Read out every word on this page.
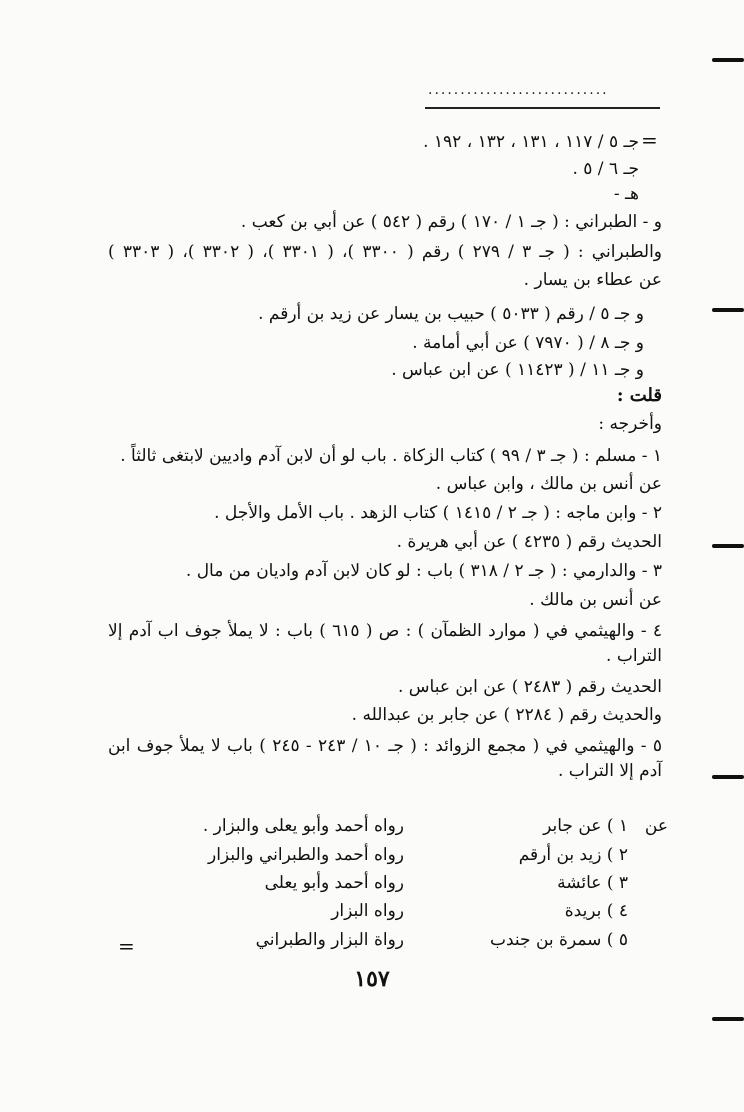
............................
=
جـ ٥ / ١١٧ ، ١٣١ ، ١٣٢ ، ١٩٢ .
جـ ٦ / ٥ .
هـ -
و - الطبراني : ( جـ ١ / ١٧٠ ) رقم ( ٥٤٢ ) عن أبي بن كعب .
والطبراني : ( جـ ٣ / ٢٧٩ ) رقم ( ٣٣٠٠ )، ( ٣٣٠١ )، ( ٣٣٠٢ )، ( ٣٣٠٣ )
عن عطاء بن يسار .
و جـ ٥ / رقم ( ٥٠٣٣ ) حبيب بن يسار عن زيد بن أرقم .
و جـ ٨ / ( ٧٩٧٠ ) عن أبي أمامة .
و جـ ١١ / ( ١١٤٢٣ ) عن ابن عباس .
قلت :
وأخرجه :
١ - مسلم : ( جـ ٣ / ٩٩ ) كتاب الزكاة . باب لو أن لابن آدم واديين لابتغى ثالثاً .
عن أنس بن مالك ، وابن عباس .
٢ - وابن ماجه : ( جـ ٢ / ١٤١٥ ) كتاب الزهد . باب الأمل والأجل .
الحديث رقم ( ٤٢٣٥ ) عن أبي هريرة .
٣ - والدارمي : ( جـ ٢ / ٣١٨ ) باب : لو كان لابن آدم واديان من مال .
عن أنس بن مالك .
٤ - والهيثمي في ( موارد الظمآن ) : ص ( ٦١٥ ) باب : لا يملأ جوف اب آدم إلا
التراب .
الحديث رقم ( ٢٤٨٣ ) عن ابن عباس .
والحديث رقم ( ٢٢٨٤ ) عن جابر بن عبدالله .
٥ - والهيثمي في ( مجمع الزوائد : ( جـ ١٠ / ٢٤٣ - ٢٤٥ ) باب لا يملأ جوف ابن
آدم إلا التراب .
عن
١ ) عن جابر
رواه أحمد وأبو يعلى والبزار .
٢ ) زيد بن أرقم
رواه أحمد والطبراني والبزار
٣ ) عائشة
رواه أحمد وأبو يعلى
٤ ) بريدة
رواه البزار
٥ ) سمرة بن جندب
رواة البزار والطبراني
=
١٥٧
